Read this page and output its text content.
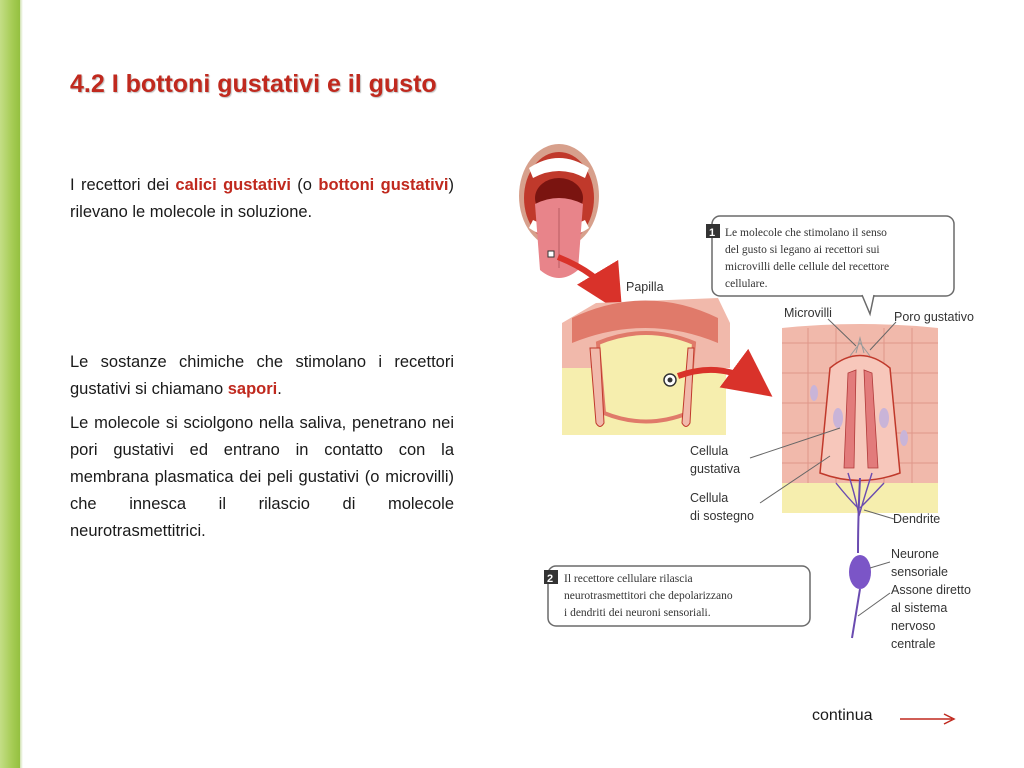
4.2 I bottoni gustativi e il gusto

I recettori dei calici gustativi (o bottoni gustativi) rilevano le molecole in soluzione.

Le sostanze chimiche che stimolano i recettori gustativi si chiamano sapori.

Le molecole si sciolgono nella saliva, penetrano nei pori gustativi ed entrano in contatto con la membrana plasmatica dei peli gustativi (o microvilli) che innesca il rilascio di molecole neurotrasmettitrici.

Papilla
1 Le molecole che stimolano il senso del gusto si legano ai recettori sui microvilli delle cellule del recettore cellulare.
2 Il recettore cellulare rilascia neurotrasmettitori che depolarizzano i dendriti dei neuroni sensoriali.
Microvilli	Poro gustativo
Cellula gustativa
Cellula di sostegno	Dendrite
Neurone sensoriale
Assone diretto al sistema nervoso centrale
continua
